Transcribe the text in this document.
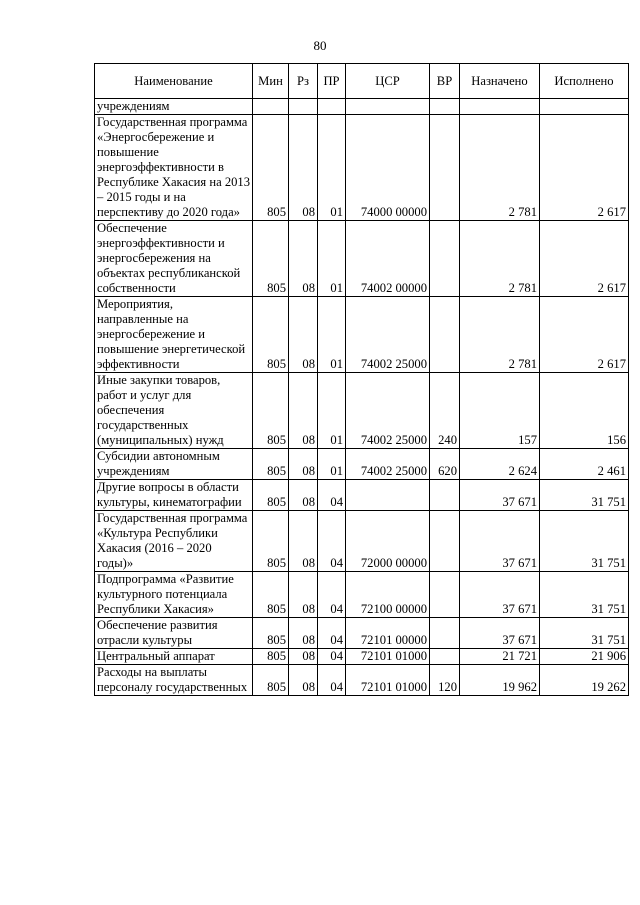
80
Наименование	Мин	Рз	ПР	ЦСР	ВР	Назначено	Исполнено
учреждениям							
Государственная программа «Энергосбережение и повышение энергоэффективности в Республике Хакасия на 2013 – 2015 годы и на перспективу до 2020 года»	805	08	01	74000 00000		2 781	2 617
Обеспечение энергоэффективности и энергосбережения на объектах республиканской собственности	805	08	01	74002 00000		2 781	2 617
Мероприятия, направленные на энергосбережение и повышение энергетической эффективности	805	08	01	74002 25000		2 781	2 617
Иные закупки товаров, работ и услуг для обеспечения государственных (муниципальных) нужд	805	08	01	74002 25000	240	157	156
Субсидии автономным учреждениям	805	08	01	74002 25000	620	2 624	2 461
Другие вопросы в области культуры, кинематографии	805	08	04			37 671	31 751
Государственная программа «Культура Республики Хакасия (2016 – 2020 годы)»	805	08	04	72000 00000		37 671	31 751
Подпрограмма «Развитие культурного потенциала Республики Хакасия»	805	08	04	72100 00000		37 671	31 751
Обеспечение развития отрасли культуры	805	08	04	72101 00000		37 671	31 751
Центральный аппарат	805	08	04	72101 01000		21 721	21 906
Расходы на выплаты персоналу государственных	805	08	04	72101 01000	120	19 962	19 262
